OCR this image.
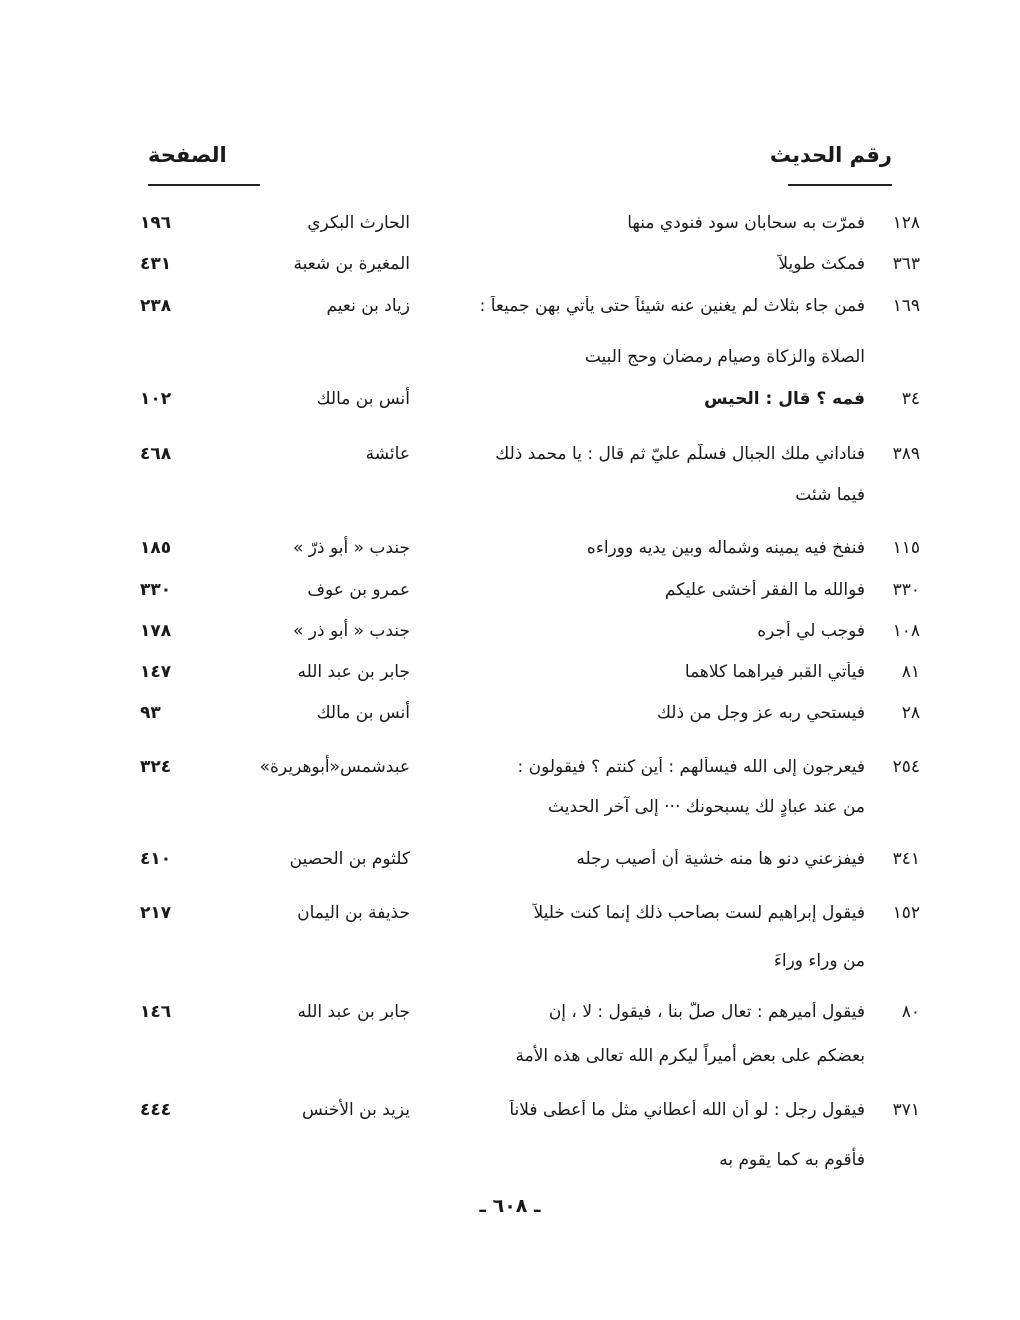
رقم الحديث
الصفحة
١٢٨
فمرّت به سحابان سود فنودي منها
الحارث البكري
١٩٦
٣٦٣
فمكث طويلاً
المغيرة بن شعبة
٤٣١
١٦٩
فمن جاء بثلاث لم يغنين عنه شيئاً حتى يأتي بهن جميعاً :
زياد بن نعيم
٢٣٨
الصلاة والزكاة وصيام رمضان وحج البيت
٣٤
فمه ؟ قال : الحيس
أنس بن مالك
١٠٢
٣٨٩
فناداني ملك الجبال فسلّم عليّ ثم قال : يا محمد ذلك
عائشة
٤٦٨
فيما شئت
١١٥
فنفخ فيه يمينه وشماله وبين يديه ووراءه
جندب « أبو ذرّ »
١٨٥
٣٣٠
فوالله ما الفقر أخشى عليكم
عمرو بن عوف
٣٣٠
١٠٨
فوجب لي أجره
جندب « أبو ذر »
١٧٨
٨١
فيأتي القبر فيراهما كلاهما
جابر بن عبد الله
١٤٧
٢٨
فيستحي ربه عز وجل من ذلك
أنس بن مالك
٩٣
٢٥٤
فيعرجون إلى الله فيسألهم : أين كنتم ؟ فيقولون :
عبدشمس«أبوهريرة»
٣٢٤
من عند عبادٍ لك يسبحونك ··· إلى آخر الحديث
٣٤١
فيفزعني دنو ها منه خشية أن أصيب رجله
كلثوم بن الحصين
٤١٠
١٥٢
فيقول إبراهيم لست بصاحب ذلك إنما كنت خليلاً
حذيفة بن اليمان
٢١٧
من وراء وراءَ
٨٠
فيقول أميرهم : تعال صلّ بنا ، فيقول : لا ، إن
جابر بن عبد الله
١٤٦
بعضكم على بعض أميراً ليكرم الله تعالى هذه الأمة
٣٧١
فيقول رجل : لو أن الله أعطاني مثل ما أعطى فلاناً
يزيد بن الأخنس
٤٤٤
فأقوم به كما يقوم به
ـ ٦٠٨ ـ
